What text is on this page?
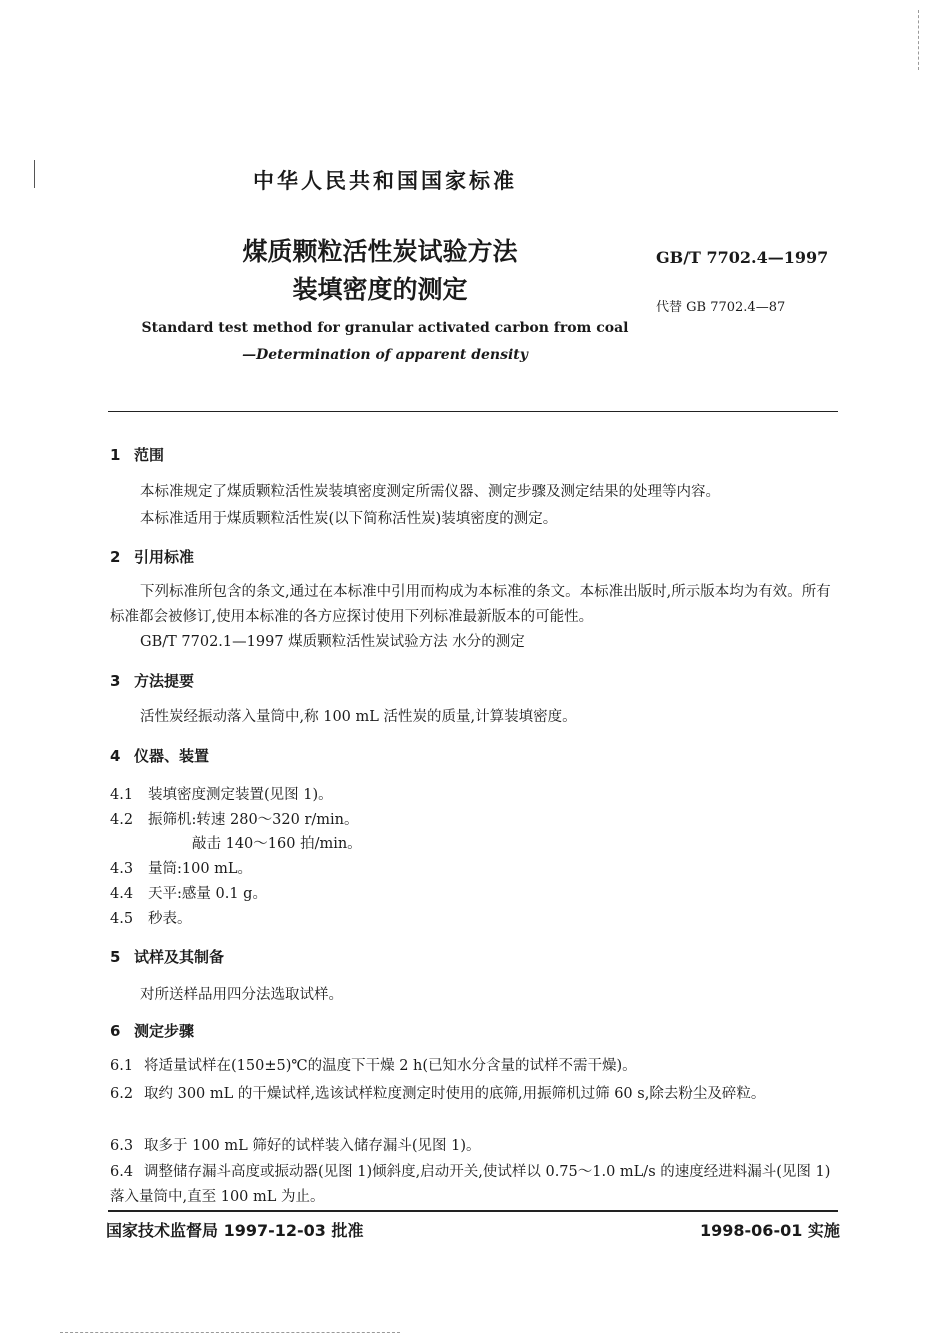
中华人民共和国国家标准
煤质颗粒活性炭试验方法
装填密度的测定
GB/T 7702.4—1997
代替 GB 7702.4—87
Standard test method for granular activated carbon from coal
—Determination of apparent density
1 范围
本标准规定了煤质颗粒活性炭装填密度测定所需仪器、测定步骤及测定结果的处理等内容。
本标准适用于煤质颗粒活性炭(以下简称活性炭)装填密度的测定。
2 引用标准
下列标准所包含的条文,通过在本标准中引用而构成为本标准的条文。本标准出版时,所示版本均为有效。所有标准都会被修订,使用本标准的各方应探讨使用下列标准最新版本的可能性。
GB/T 7702.1—1997 煤质颗粒活性炭试验方法 水分的测定
3 方法提要
活性炭经振动落入量筒中,称 100 mL 活性炭的质量,计算装填密度。
4 仪器、装置
4.1 装填密度测定装置(见图 1)。
4.2 振筛机:转速 280～320 r/min。
敲击 140～160 拍/min。
4.3 量筒:100 mL。
4.4 天平:感量 0.1 g。
4.5 秒表。
5 试样及其制备
对所送样品用四分法选取试样。
6 测定步骤
6.1 将适量试样在(150±5)℃的温度下干燥 2 h(已知水分含量的试样不需干燥)。
6.2 取约 300 mL 的干燥试样,选该试样粒度测定时使用的底筛,用振筛机过筛 60 s,除去粉尘及碎粒。
6.3 取多于 100 mL 筛好的试样装入储存漏斗(见图 1)。
6.4 调整储存漏斗高度或振动器(见图 1)倾斜度,启动开关,使试样以 0.75～1.0 mL/s 的速度经进料漏斗(见图 1)落入量筒中,直至 100 mL 为止。
国家技术监督局 1997-12-03 批准	1998-06-01 实施
